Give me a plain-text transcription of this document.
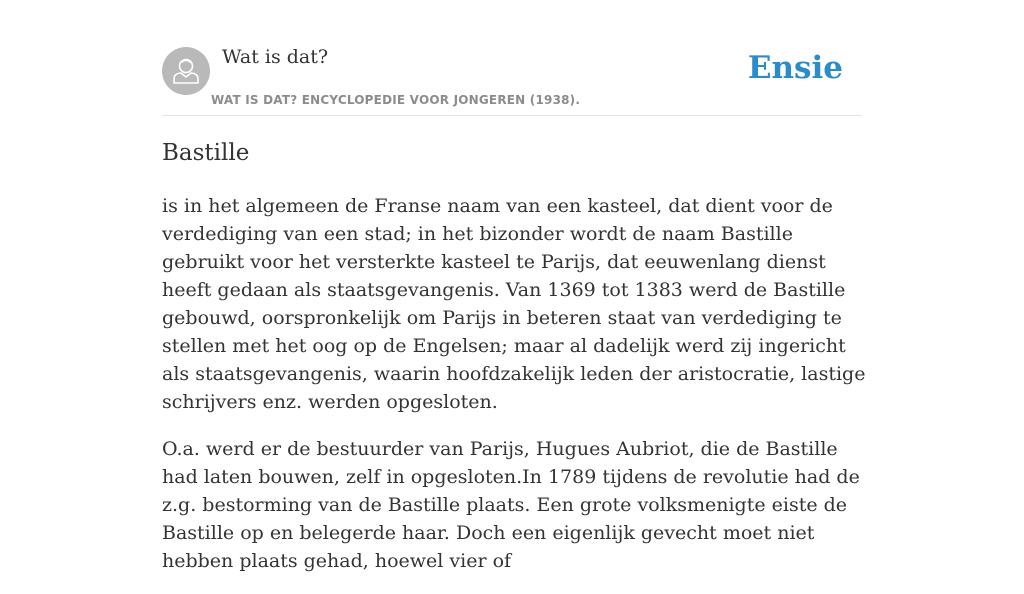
Wat is dat?
WAT IS DAT? ENCYCLOPEDIE VOOR JONGEREN (1938).
Ensie
Bastille

is in het algemeen de Franse naam van een kasteel, dat dient voor de verdediging van een stad; in het bizonder wordt de naam Bastille gebruikt voor het versterkte kasteel te Parijs, dat eeuwenlang dienst heeft gedaan als staatsgevangenis. Van 1369 tot 1383 werd de Bastille gebouwd, oorspronkelijk om Parijs in beteren staat van verdediging te stellen met het oog op de Engelsen; maar al dadelijk werd zij ingericht als staatsgevangenis, waarin hoofdzakelijk leden der aristocratie, lastige schrijvers enz. werden opgesloten.

O.a. werd er de bestuurder van Parijs, Hugues Aubriot, die de Bastille had laten bouwen, zelf in opgesloten.In 1789 tijdens de revolutie had de z.g. bestorming van de Bastille plaats. Een grote volksmenigte eiste de Bastille op en belegerde haar. Doch een eigenlijk gevecht moet niet hebben plaats gehad, hoewel vier of
